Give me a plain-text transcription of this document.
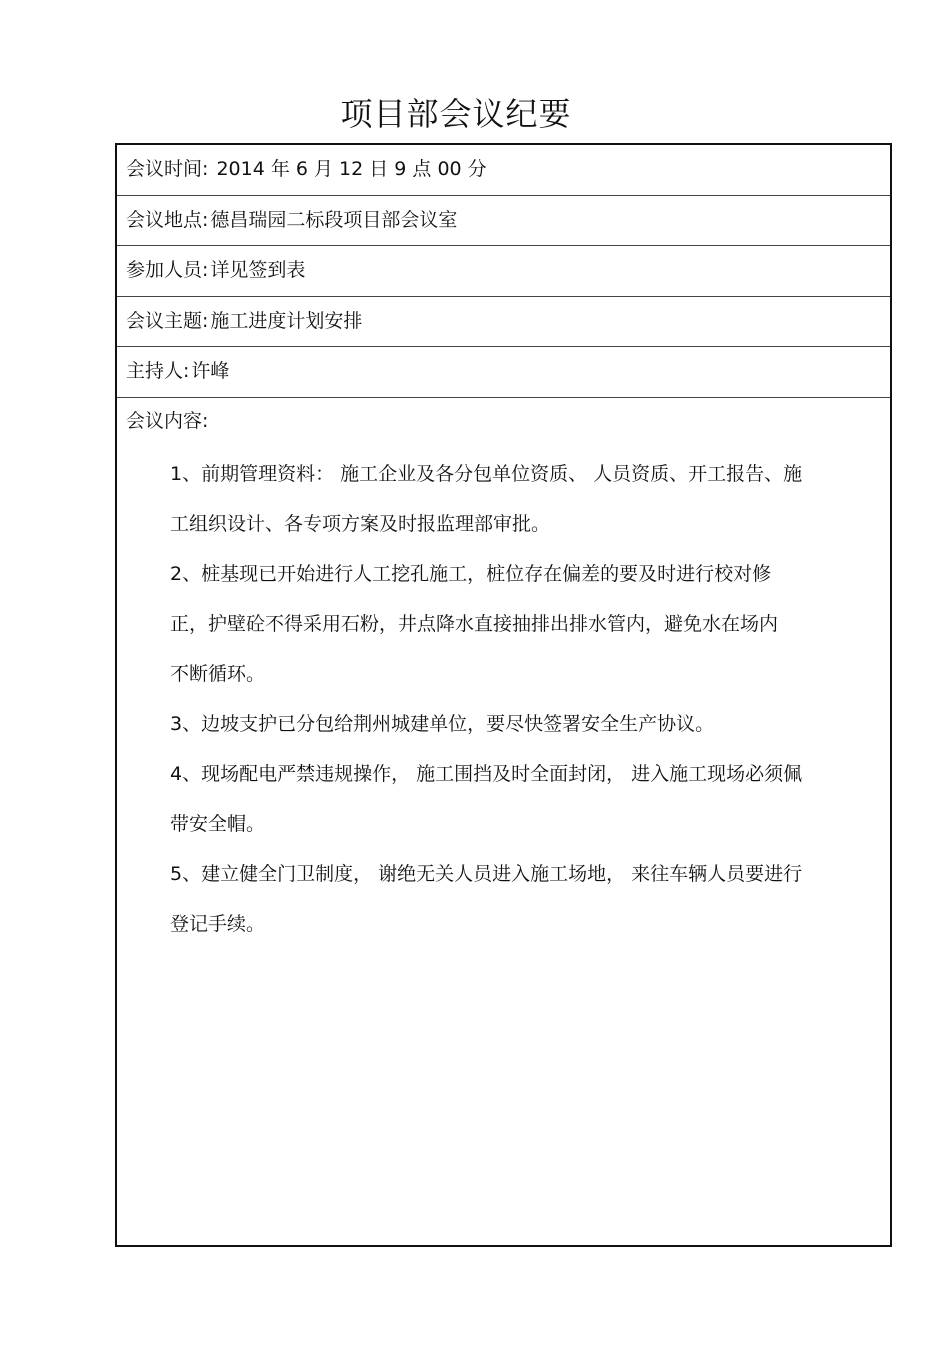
项目部会议纪要
会议时间: 2014 年 6 月 12 日 9 点 00 分
会议地点: 德昌瑞园二标段项目部会议室
参加人员: 详见签到表
会议主题: 施工进度计划安排
主持人: 许峰
会议内容:
1、前期管理资料： 施工企业及各分包单位资质、 人员资质、开工报告、施
工组织设计、各专项方案及时报监理部审批。
2、桩基现已开始进行人工挖孔施工，桩位存在偏差的要及时进行校对修
正，护壁砼不得采用石粉，井点降水直接抽排出排水管内，避免水在场内
不断循环。
3、边坡支护已分包给荆州城建单位，要尽快签署安全生产协议。
4、现场配电严禁违规操作， 施工围挡及时全面封闭， 进入施工现场必须佩
带安全帽。
5、建立健全门卫制度， 谢绝无关人员进入施工场地， 来往车辆人员要进行
登记手续。
